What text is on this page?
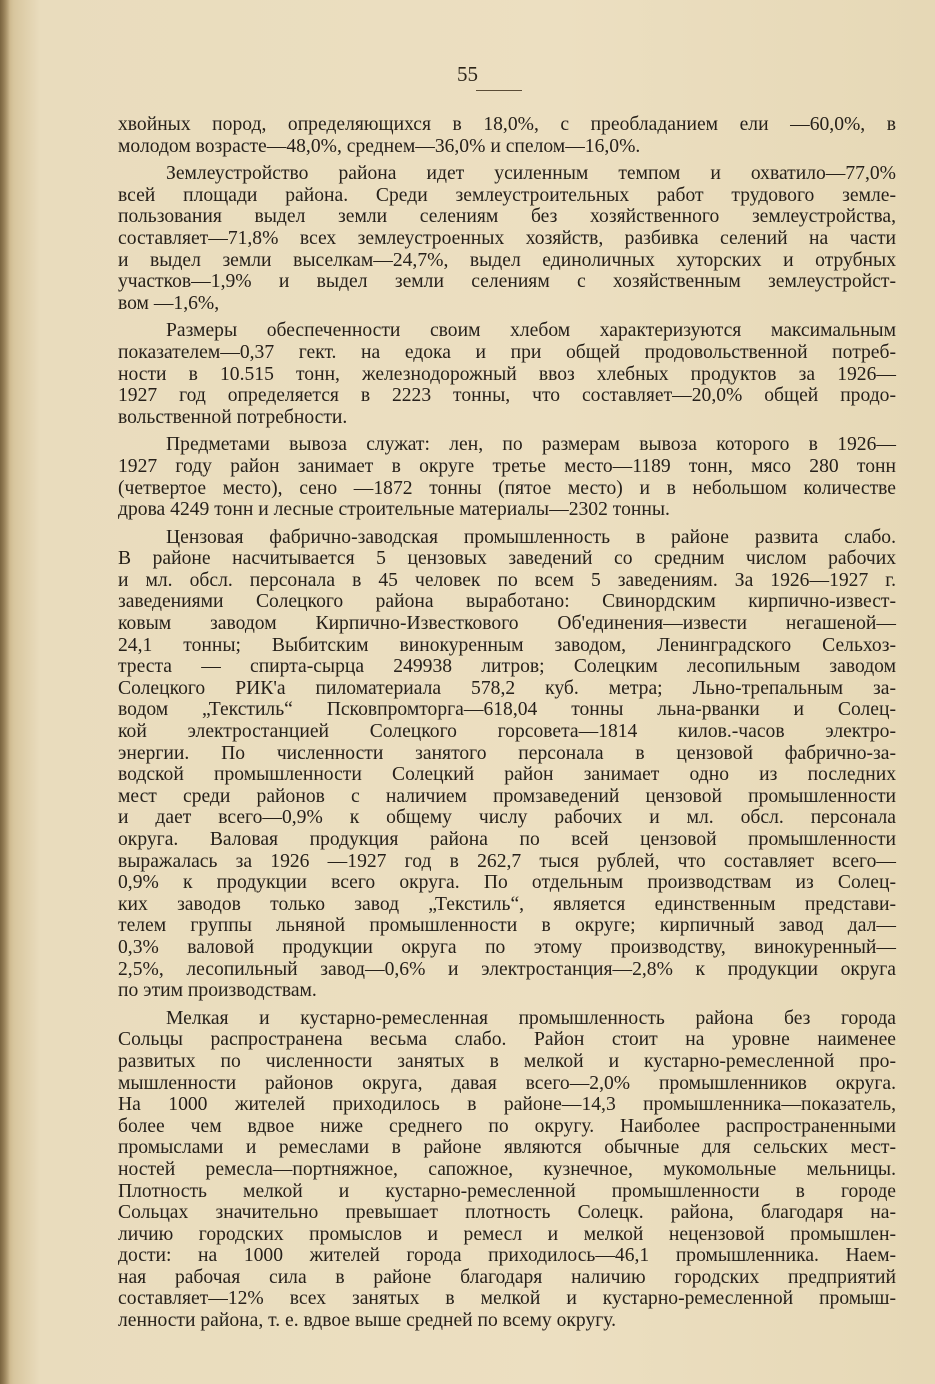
55
хвойных пород, определяющихся в 18,0%, с преобладанием ели —60,0%, в
молодом возрасте—48,0%, среднем—36,0% и спелом—16,0%.
Землеустройство района идет усиленным темпом и охватило—77,0%
всей площади района. Среди землеустроительных работ трудового земле-
пользования выдел земли селениям без хозяйственного землеустройства,
составляет—71,8% всех землеустроенных хозяйств, разбивка селений на части
и выдел земли выселкам—24,7%, выдел единоличных хуторских и отрубных
участков—1,9% и выдел земли селениям с хозяйственным землеустройст-
вом —1,6%,
Размеры обеспеченности своим хлебом характеризуются максимальным
показателем—0,37 гект. на едока и при общей продовольственной потреб-
ности в 10.515 тонн, железнодорожный ввоз хлебных продуктов за 1926—
1927 год определяется в 2223 тонны, что составляет—20,0% общей продо-
вольственной потребности.
Предметами вывоза служат: лен, по размерам вывоза которого в 1926—
1927 году район занимает в округе третье место—1189 тонн, мясо 280 тонн
(четвертое место), сено —1872 тонны (пятое место) и в небольшом количестве
дрова 4249 тонн и лесные строительные материалы—2302 тонны.
Цензовая фабрично-заводская промышленность в районе развита слабо.
В районе насчитывается 5 цензовых заведений со средним числом рабочих
и мл. обсл. персонала в 45 человек по всем 5 заведениям. За 1926—1927 г.
заведениями Солецкого района выработано: Свинордским кирпично-извест-
ковым заводом Кирпично-Известкового Об'единения—извести негашеной—
24,1 тонны; Выбитским винокуренным заводом, Ленинградского Сельхоз-
треста — спирта-сырца 249938 литров; Солецким лесопильным заводом
Солецкого РИК'а пиломатериала 578,2 куб. метра; Льно-трепальным за-
водом „Текстиль“ Псковпромторга—618,04 тонны льна-рванки и Солец-
кой электростанцией Солецкого горсовета—1814 килов.-часов электро-
энергии. По численности занятого персонала в цензовой фабрично-за-
водской промышленности Солецкий район занимает одно из последних
мест среди районов с наличием промзаведений цензовой промышленности
и дает всего—0,9% к общему числу рабочих и мл. обсл. персонала
округа. Валовая продукция района по всей цензовой промышленности
выражалась за 1926 —1927 год в 262,7 тыся рублей, что составляет всего—
0,9% к продукции всего округа. По отдельным производствам из Солец-
ких заводов только завод „Текстиль“, является единственным представи-
телем группы льняной промышленности в округе; кирпичный завод дал—
0,3% валовой продукции округа по этому производству, винокуренный—
2,5%, лесопильный завод—0,6% и электростанция—2,8% к продукции округа
по этим производствам.
Мелкая и кустарно-ремесленная промышленность района без города
Сольцы распространена весьма слабо. Район стоит на уровне наименее
развитых по численности занятых в мелкой и кустарно-ремесленной про-
мышленности районов округа, давая всего—2,0% промышленников округа.
На 1000 жителей приходилось в районе—14,3 промышленника—показатель,
более чем вдвое ниже среднего по округу. Наиболее распространенными
промыслами и ремеслами в районе являются обычные для сельских мест-
ностей ремесла—портняжное, сапожное, кузнечное, мукомольные мельницы.
Плотность мелкой и кустарно-ремесленной промышленности в городе
Сольцах значительно превышает плотность Солецк. района, благодаря на-
личию городских промыслов и ремесл и мелкой нецензовой промышлен-
дости: на 1000 жителей города приходилось—46,1 промышленника. Наем-
ная рабочая сила в районе благодаря наличию городских предприятий
составляет—12% всех занятых в мелкой и кустарно-ремесленной промыш-
ленности района, т. е. вдвое выше средней по всему округу.
